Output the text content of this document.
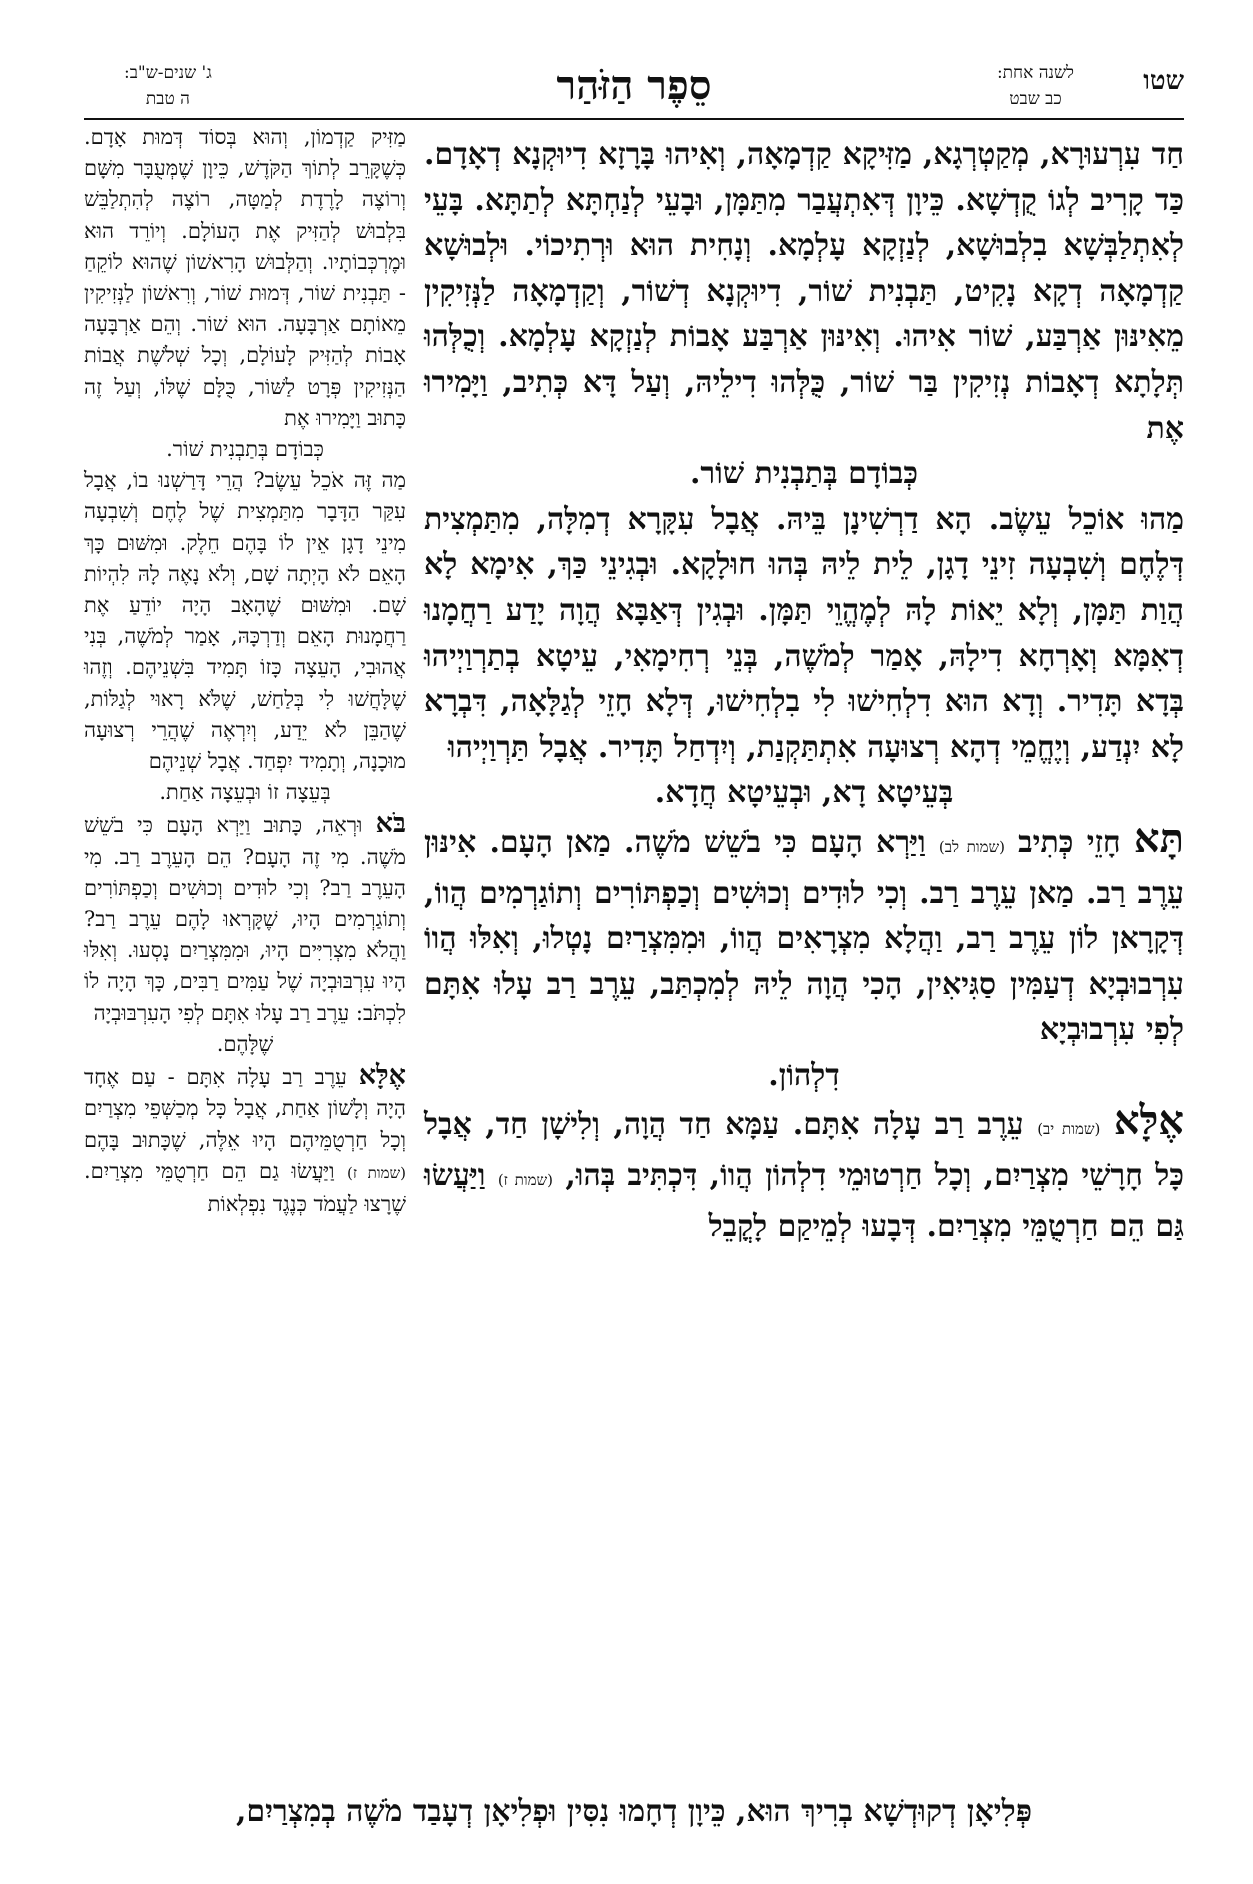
שטו
לשנה אחת:
כב שבט
סֵפֶר הַזֹּהַר
ג' שנים-ש"ב:
ה טבת

חַד עִרְעוּרָא, מְקַטְרְגָא, מַזִּיקָא קַדְמָאָה, וְאִיהוּ בָּרָזָא דִיוּקְנָא דְאָדָם. כַּד קָרִיב לְגוֹ קֻדְשָׁא. כֵּיוָן דְּאִתְעֲבַר מִתַּמָּן, וּבָעֵי לְנַחְתָּא לְתַתָּא. בָּעֵי לְאִתְלַבְּשָׁא בִלְבוּשָׁא, לְנַזְקָא עָלְמָא. וְנָחִית הוּא וּרְתִיכוֹי. וּלְבוּשָׁא קַדְמָאָה דְקָא נָקִיט, תַּבְנִית שׁוֹר, דִיוּקְנָא דְשׁוֹר, וְקַדְמָאָה לַנְּזִיקִין מֵאִינּוּן אַרְבַּע, שׁוֹר אִיהוּ. וְאִינּוּן אַרְבַּע אָבוֹת לְנַזְקָא עָלְמָא. וְכֻלְּהוּ תְּלָתָא דְאָבוֹת נְזִיקִין בַּר שׁוֹר, כֻּלְּהוּ דִילֵיהּ, וְעַל דָּא כְּתִיב, וַיָּמִירוּ אֶת

כְּבוֹדָם בְּתַבְנִית שׁוֹר.

מַהוּ אוֹכֵל עֵשֶׂב. הָא דַרְשִׁינָן בֵּיהּ. אֲבָל עִקָּרָא דְמִלָּה, מִתַּמְצִית דְּלֶחֶם וְשִׁבְעָה זִינֵי דָגָן, לֵית לֵיהּ בְּהוּ חוּלָקָא. וּבְגִינֵי כַּךְ, אִימָא לָא הֲוַת תַּמָּן, וְלָא יֵאוֹת לָהּ לְמֶהֱוֵי תַּמָּן. וּבְגִין דְּאַבָּא הֲוָה יָדַע רַחֲמָנוּ דְאִמָּא וְאָרְחָא דִילָהּ, אָמַר לְמֹשֶׁה, בְּנֵי רְחִימָאִי, עֵיטָא בְתַרְוַיְיהוּ בְּדָא תָּדִיר. וְדָא הוּא דִלְחִישׁוּ לִי בִלְחִישׁוּ, דְּלָא חָזֵי לְגַלָּאָה, דִּבְרָא לָא יִנְדַע, וְיֶחֱמֵי דְהָא רְצוּעָה אִתְתַּקְנַת, וְיִדְחַל תָּדִיר. אֲבָל תַּרְוַיְיהוּ

בְּעֵיטָא דָא, וּבְעֵיטָא חֲדָא.

תָּא חָזֵי כְּתִיב (שמות לב) וַיַּרְא הָעָם כִּי בֹשֵׁשׁ מֹשֶׁה. מַאן הָעָם. אִינּוּן עֵרֶב רַב. מַאן עֵרֶב רַב. וְכִי לוּדִים וְכוּשִׁים וְכַפְתּוֹרִים וְתוֹגַרְמִים הֲווֹ, דְּקָרָאן לוֹן עֵרֶב רַב, וַהֲלָא מִצְרָאִים הֲווֹ, וּמִמִּצְרַיִם נָטְלוּ, וְאִלּוּ הֲווֹ עִרְבוּבְיָא דְעַמִּין סַגִּיאִין, הָכִי הֲוָה לֵיהּ לְמִכְתַּב, עֵרֶב רַב עָלוּ אִתָּם לְפִי עִרְבוּבְיָא

דִלְהוֹן.

אֶלָּא (שמות יב) עֵרֶב רַב עָלָה אִתָּם. עַמָּא חַד הֲוָה, וְלִישָׁן חַד, אֲבָל כָּל חָרָשֵׁי מִצְרַיִם, וְכָל חַרְטוּמֵי דִלְהוֹן הֲווֹ, דִּכְתִּיב בְּהוּ, (שמות ז) וַיַּעֲשׂוּ גַּם הֵם חַרְטֻמֵּי מִצְרַיִם. דְּבָעוּ לְמֵיקַם לָקֳבֵל

מַזִּיק קַדְמוֹן, וְהוּא בְּסוֹד דְּמוּת אָדָם. כְּשֶׁקָּרֵב לְתוֹךְ הַקֹּדֶשׁ, כֵּיוָן שֶׁמְּעֻבָּר מִשָּׁם וְרוֹצֶה לָרֶדֶת לְמַטָּה, רוֹצֶה לְהִתְלַבֵּשׁ בִּלְבוּשׁ לְהַזִּיק אֶת הָעוֹלָם. וְיוֹרֵד הוּא וּמֶרְכְּבוֹתָיו. וְהַלְּבוּשׁ הָרִאשׁוֹן שֶׁהוּא לוֹקֵחַ - תַּבְנִית שׁוֹר, דְּמוּת שׁוֹר, וְרִאשׁוֹן לַנְּזִיקִין מֵאוֹתָם אַרְבָּעָה. הוּא שׁוֹר. וְהֵם אַרְבָּעָה אָבוֹת לְהַזִּיק לָעוֹלָם, וְכָל שְׁלֹשֶׁת אֲבוֹת הַנְּזִיקִין פְּרָט לַשּׁוֹר, כֻּלָּם שֶׁלּוֹ, וְעַל זֶה כָּתוּב וַיָּמִירוּ אֶת

כְּבוֹדָם בְּתַבְנִית שׁוֹר.

מַה זֶּה אֹכֵל עֵשֶׂב? הֲרֵי דָּרַשְׁנוּ בוֹ, אֲבָל עִקַּר הַדָּבָר מִתַּמְצִית שֶׁל לֶחֶם וְשִׁבְעָה מִינֵי דָגָן אֵין לוֹ בָּהֶם חֵלֶק. וּמִשּׁוּם כָּךְ הָאֵם לֹא הָיְתָה שָׁם, וְלֹא נָאֶה לָהּ לִהְיוֹת שָׁם. וּמִשּׁוּם שֶׁהָאָב הָיָה יוֹדֵעַ אֶת רַחֲמָנוּת הָאֵם וְדַרְכָּהּ, אָמַר לְמֹשֶׁה, בְּנִי אֲהוּבִי, הָעֵצָה כָּזוֹ תָּמִיד בִּשְׁנֵיהֶם. וְזֶהוּ שֶׁלָּחֲשׁוּ לִי בְּלַחַשׁ, שֶׁלֹּא רָאוּי לְגַלּוֹת, שֶׁהַבֵּן לֹא יֵדַע, וְיִרְאֶה שֶׁהֲרֵי רְצוּעָה מוּכָנָה, וְתָמִיד יִפְחַד. אֲבָל שְׁנֵיהֶם

בְּעֵצָה זוֹ וּבְעֵצָה אַחַת.

בֹּא וּרְאֵה, כָּתוּב וַיַּרְא הָעָם כִּי בֹשֵׁשׁ מֹשֶׁה. מִי זֶה הָעָם? הֵם הָעֵרֶב רַב. מִי הָעֵרֶב רַב? וְכִי לוּדִים וְכוּשִׁים וְכַפְתּוֹרִים וְתוֹגַרְמִים הָיוּ, שֶׁקָּרְאוּ לָהֶם עֵרֶב רַב? וַהֲלֹא מִצְרִיִּים הָיוּ, וּמִמִּצְרַיִם נָסְעוּ. וְאִלּוּ הָיוּ עִרְבּוּבְיָה שֶׁל עַמִּים רַבִּים, כָּךְ הָיָה לוֹ לִכְתֹּב: עֵרֶב רַב עָלוּ אִתָּם לְפִי הָעִרְבּוּבְיָה

שֶׁלָּהֶם.

אֶלָּא עֵרֶב רַב עָלָה אִתָּם - עַם אֶחָד הָיָה וְלָשׁוֹן אַחַת, אֲבָל כָּל מְכַשְּׁפֵי מִצְרַיִם וְכָל חַרְטֻמֵּיהֶם הָיוּ אֵלֶּה, שֶׁכָּתוּב בָּהֶם (שמות ז) וַיַּעֲשׂוּ גַם הֵם חַרְטֻמֵּי מִצְרַיִם. שֶׁרָצוּ לַעֲמֹד כְּנֶגֶד נִפְלְאוֹת

פְּלִיאָן דְקוּדְשָׁא בְרִיךְ הוּא, כֵּיוָן דְחָמוּ נִסִּין וּפְלִיאָן דְעָבַד מֹשֶׁה בְמִצְרַיִם,
